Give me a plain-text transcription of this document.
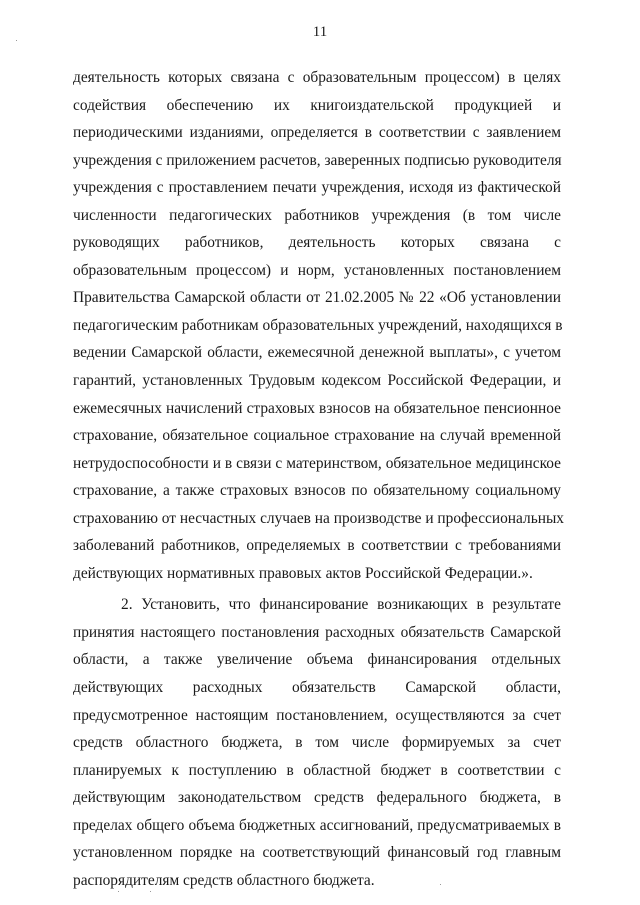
11
деятельность которых связана с образовательным процессом) в целях
содействия обеспечению их книгоиздательской продукцией и
периодическими изданиями, определяется в соответствии с заявлением
учреждения с приложением расчетов, заверенных подписью руководителя
учреждения с проставлением печати учреждения, исходя из фактической
численности педагогических работников учреждения (в том числе
руководящих работников, деятельность которых связана с
образовательным процессом) и норм, установленных постановлением
Правительства Самарской области от 21.02.2005 № 22 «Об установлении
педагогическим работникам образовательных учреждений, находящихся в
ведении Самарской области, ежемесячной денежной выплаты», с учетом
гарантий, установленных Трудовым кодексом Российской Федерации, и
ежемесячных начислений страховых взносов на обязательное пенсионное
страхование, обязательное социальное страхование на случай временной
нетрудоспособности и в связи с материнством, обязательное медицинское
страхование, а также страховых взносов по обязательному социальному
страхованию от несчастных случаев на производстве и профессиональных
заболеваний работников, определяемых в соответствии с требованиями
действующих нормативных правовых актов Российской Федерации.».
2. Установить, что финансирование возникающих в результате
принятия настоящего постановления расходных обязательств Самарской
области, а также увеличение объема финансирования отдельных
действующих расходных обязательств Самарской области,
предусмотренное настоящим постановлением, осуществляются за счет
средств областного бюджета, в том числе формируемых за счет
планируемых к поступлению в областной бюджет в соответствии с
действующим законодательством средств федерального бюджета, в
пределах общего объема бюджетных ассигнований, предусматриваемых в
установленном порядке на соответствующий финансовый год главным
распорядителям средств областного бюджета.
